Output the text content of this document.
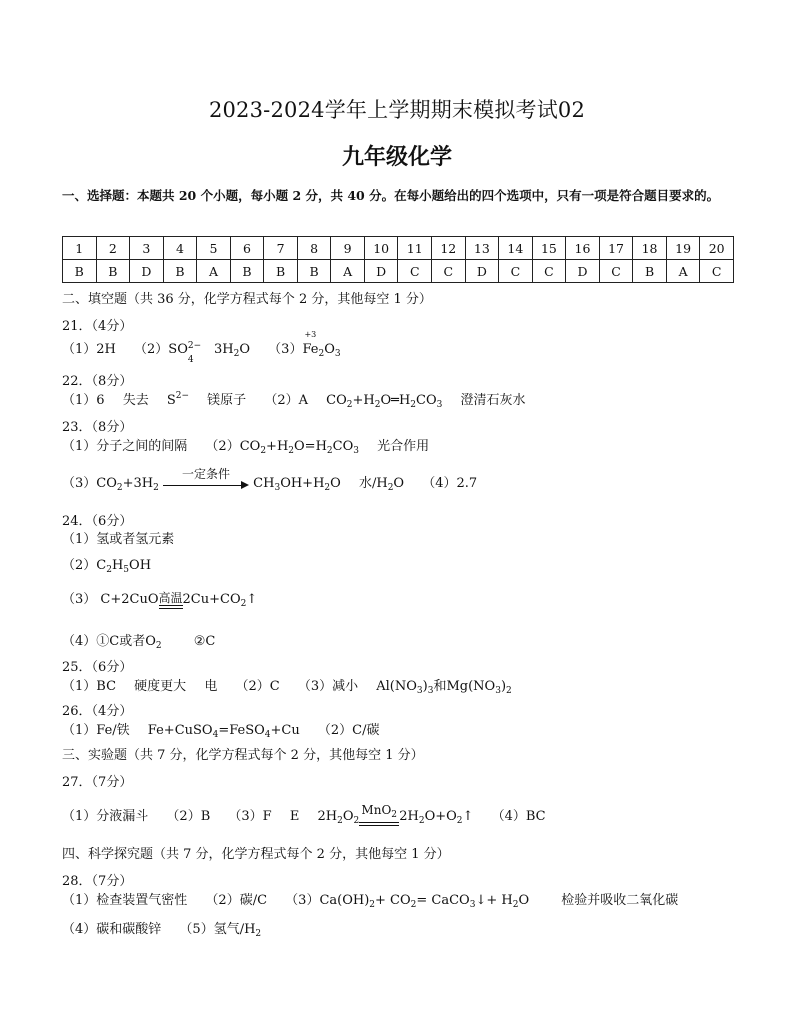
2023-2024学年上学期期末模拟考试02
九年级化学
一、选择题：本题共 20 个小题，每小题 2 分，共 40 分。在每小题给出的四个选项中，只有一项是符合题目要求的。
1	2	3	4	5	6	7	8	9	10	11	12	13	14	15	16	17	18	19	20
B	B	D	B	A	B	B	B	A	D	C	C	D	C	C	D	C	B	A	C
二、填空题（共 36 分，化学方程式每个 2 分，其他每空 1 分）
21．（4分）
（1）2H （2）SO 2−
4
$3H_2O$ （3）
+3
$Fe_2O_3$
22．（8分）
（1）6 失去 $S^{2-}$ 镁原子 （2）A $CO_2+H_2O═H_2CO_3$ 澄清石灰水
23．（8分）
（1）分子之间的间隔 $(2)CO_2+H_2O=H_2CO_3$ 光合作用
$(3)CO_2+3H_2$
一定条件
$CH_3OH+H_2O$ 水$/H_2O$ （4）2.7
24．（6分）
（1）氢或者氢元素
$(2)C_2H_5OH$
（3） C+2CuO 高温 $2Cu+CO_2↑$
（4）①C或者$O_2$ ②C
25．（6分）
（1）BC 硬度更大 电 （2）C （3）减小 $Al(NO_3)_3$和$Mg(NO_3)_2$
26．（4分）
（1）Fe/铁 Fe+CuSO$_4$=FeSO$_4$+Cu （2）C/碳
三、实验题（共 7 分，化学方程式每个 2 分，其他每空 1 分）
27．（7分）
（1）分液漏斗 （2）B （3）F E $2H_2O_2$
MnO$_2$ $2H_2O+O_2↑$ （4）BC
四、科学探究题（共 7 分，化学方程式每个 2 分，其他每空 1 分）
28．（7分）
（1）检查装置气密性 （2）碳/C $(3)Ca(OH)_2+ CO_2=$ CaCO$_3$↓+ $H_2O$ 检验并吸收二氧化碳
（4）碳和碳酸锌 （5）氢气$/H_2$
